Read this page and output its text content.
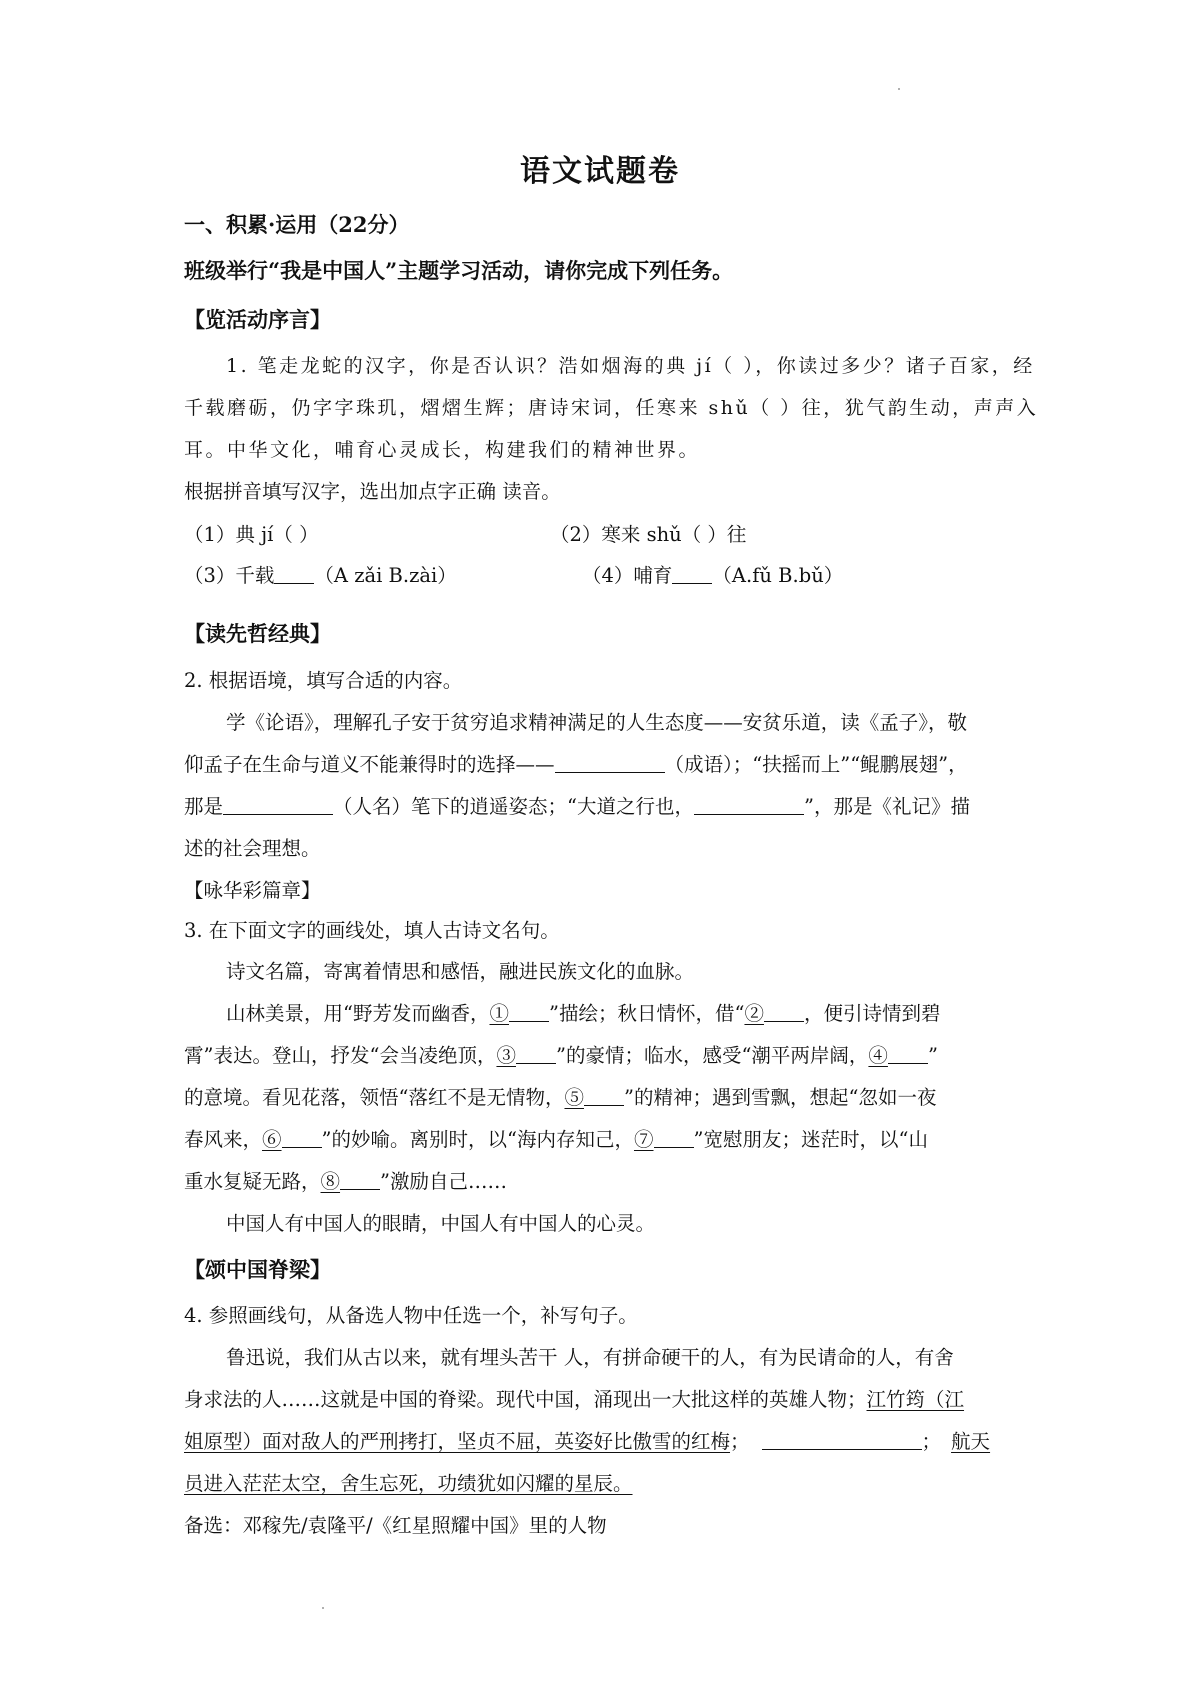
语文试题卷
一、积累·运用（22分）
班级举行“我是中国人”主题学习活动，请你完成下列任务。
【览活动序言】
1. 笔走龙蛇的汉字，你是否认识？浩如烟海的典 jí（ ），你读过多少？诸子百家，经
千载磨砺，仍字字珠玑，熠熠生辉；唐诗宋词，任寒来 shǔ（ ）往，犹气韵生动，声声入
耳。中华文化，哺育心灵成长，构建我们的精神世界。
根据拼音填写汉字，选出加点字正确 读音。
（1）典 jí（ ）	（2）寒来 shǔ（ ）往
（3）千载 （A zǎi B.zài）	（4）哺育 （A.fǔ B.bǔ）
【读先哲经典】
2. 根据语境，填写合适的内容。
学《论语》，理解孔子安于贫穷追求精神满足的人生态度——安贫乐道，读《孟子》，敬
仰孟子在生命与道义不能兼得时的选择——	（成语）；“扶摇而上”“鲲鹏展翅”，
那是	（人名）笔下的逍遥姿态；“大道之行也，	”，那是《礼记》描
述的社会理想。
【咏华彩篇章】
3. 在下面文字的画线处，填人古诗文名句。
诗文名篇，寄寓着情思和感悟，融进民族文化的血脉。
山林美景，用“野芳发而幽香，① ”描绘；秋日情怀，借“② ，便引诗情到碧
霄”表达。登山，抒发“会当凌绝顶，③ ”的豪情；临水，感受“潮平两岸阔，④ ”
的意境。看见花落，领悟“落红不是无情物，⑤ ”的精神；遇到雪飘，想起“忽如一夜
春风来，⑥ ”的妙喻。离别时，以“海内存知己，⑦ ”宽慰朋友；迷茫时，以“山
重水复疑无路，⑧ ”激励自己……
中国人有中国人的眼睛，中国人有中国人的心灵。
【颂中国脊梁】
4. 参照画线句，从备选人物中任选一个，补写句子。
鲁迅说，我们从古以来，就有埋头苦干 人，有拼命硬干的人，有为民请命的人，有舍
身求法的人……这就是中国的脊梁。现代中国，涌现出一大批这样的英雄人物；江竹筠（江
姐原型）面对敌人的严刑拷打，坚贞不屈，英姿好比傲雪的红梅；	； 航天
员进入茫茫太空，舍生忘死，功绩犹如闪耀的星辰。
备选：邓稼先/袁隆平/《红星照耀中国》里的人物
